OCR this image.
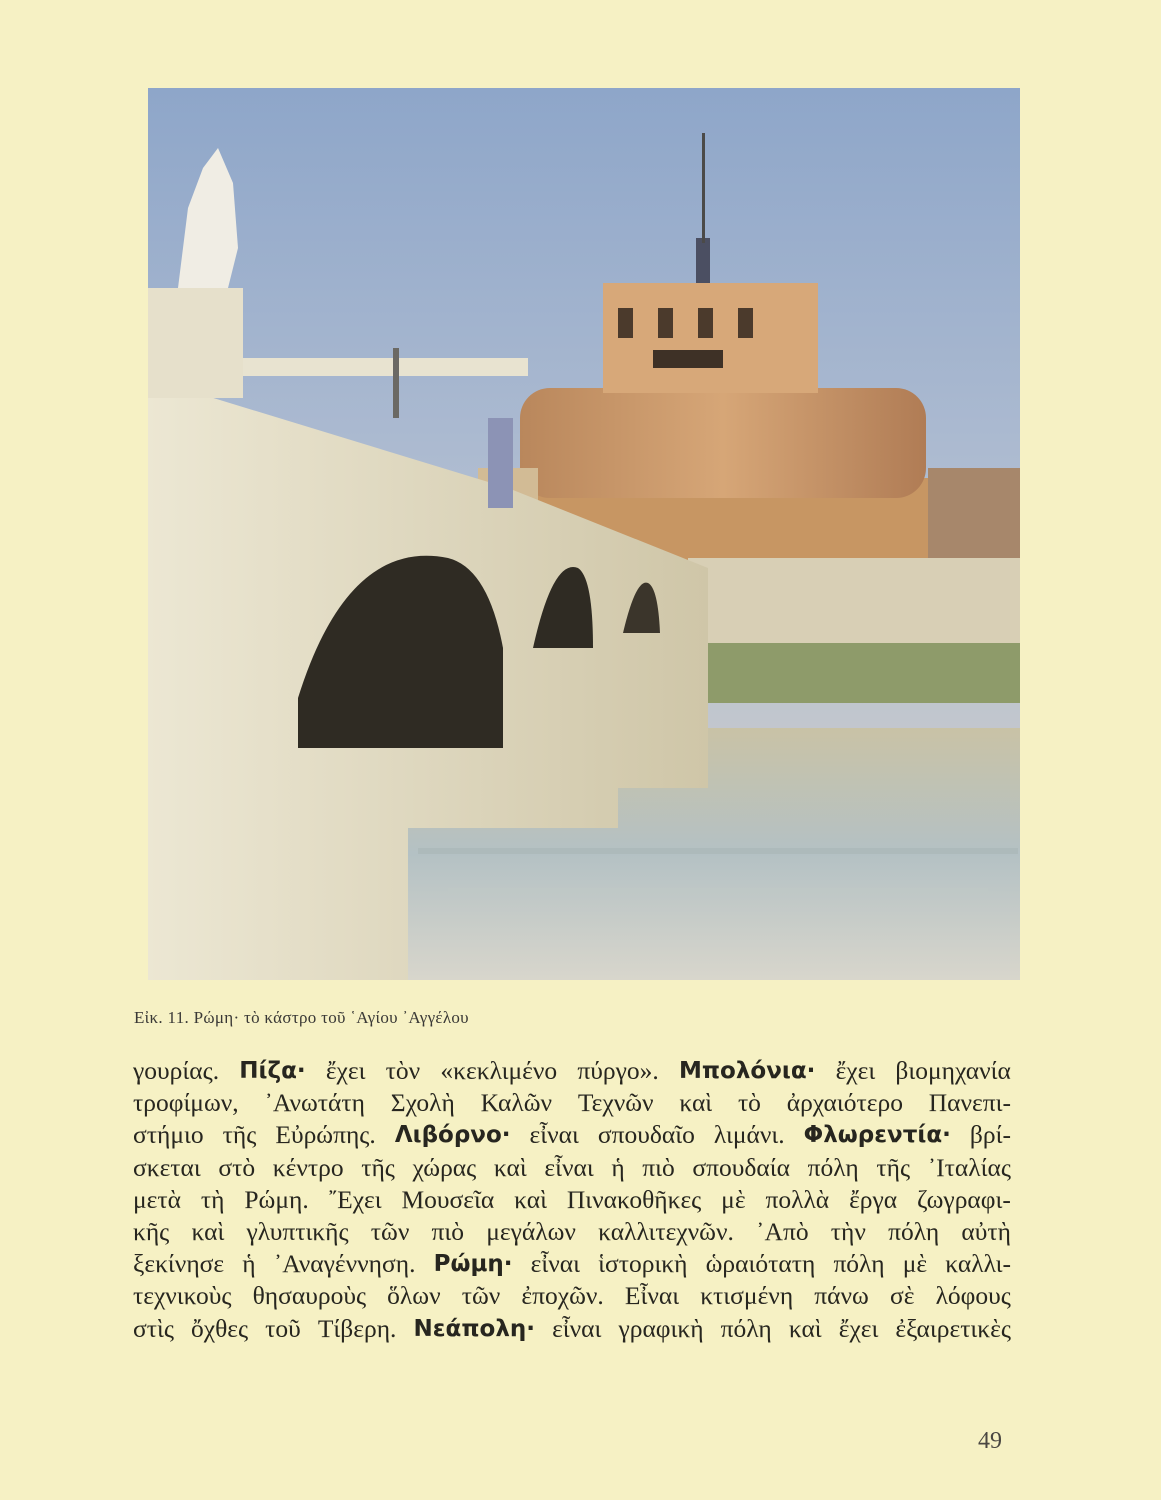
Εἰκ. 11. Ρώμη· τὸ κάστρο τοῦ ῾Αγίου ᾿Αγγέλου
γουρίας. Πίζα· ἔχει τὸν «κεκλιμένο πύργο». Μπολόνια· ἔχει βιομηχανία
τροφίμων, ᾿Ανωτάτη Σχολὴ Καλῶν Τεχνῶν καὶ τὸ ἀρχαιότερο Πανεπι-
στήμιο τῆς Εὐρώπης. Λιβόρνο· εἶναι σπουδαῖο λιμάνι. Φλωρεντία· βρί-
σκεται στὸ κέντρο τῆς χώρας καὶ εἶναι ἡ πιὸ σπουδαία πόλη τῆς ᾿Ιταλίας
μετὰ τὴ Ρώμη. ῎Εχει Μουσεῖα καὶ Πινακοθῆκες μὲ πολλὰ ἔργα ζωγραφι-
κῆς καὶ γλυπτικῆς τῶν πιὸ μεγάλων καλλιτεχνῶν. ᾿Απὸ τὴν πόλη αὐτὴ
ξεκίνησε ἡ ᾿Αναγέννηση. Ρώμη· εἶναι ἱστορικὴ ὡραιότατη πόλη μὲ καλλι-
τεχνικοὺς θησαυροὺς ὅλων τῶν ἐποχῶν. Εἶναι κτισμένη πάνω σὲ λόφους
στὶς ὄχθες τοῦ Τίβερη. Νεάπολη· εἶναι γραφικὴ πόλη καὶ ἔχει ἐξαιρετικὲς
49
